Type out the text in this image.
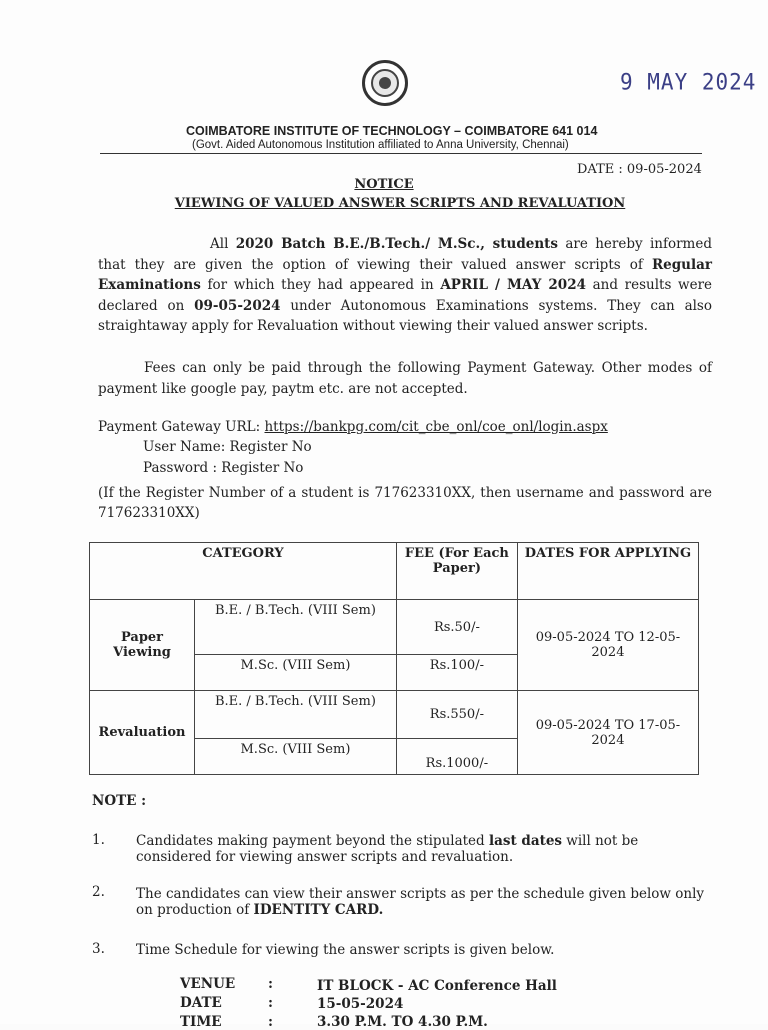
9 MAY 2024
COIMBATORE INSTITUTE OF TECHNOLOGY – COIMBATORE 641 014
(Govt. Aided Autonomous Institution affiliated to Anna University, Chennai)
DATE : 09-05-2024
NOTICE
VIEWING OF VALUED ANSWER SCRIPTS AND REVALUATION
All 2020 Batch B.E./B.Tech./ M.Sc., students are hereby informed that they are given the option of viewing their valued answer scripts of Regular Examinations for which they had appeared in APRIL / MAY 2024 and results were declared on 09-05-2024 under Autonomous Examinations systems. They can also straightaway apply for Revaluation without viewing their valued answer scripts.
Fees can only be paid through the following Payment Gateway. Other modes of payment like google pay, paytm etc. are not accepted.
Payment Gateway URL: https://bankpg.com/cit_cbe_onl/coe_onl/login.aspx
User Name: Register No
Password : Register No
(If the Register Number of a student is 717623310XX, then username and password are 717623310XX)
CATEGORY		FEE (For Each Paper)	DATES FOR APPLYING
Paper Viewing	B.E. / B.Tech. (VIII Sem)	Rs.50/-	09-05-2024 TO 12-05-2024
	M.Sc. (VIII Sem)	Rs.100/-	
Revaluation	B.E. / B.Tech. (VIII Sem)	Rs.550/-	09-05-2024 TO 17-05-2024
	M.Sc. (VIII Sem)	Rs.1000/-	
NOTE :
1. Candidates making payment beyond the stipulated last dates will not be considered for viewing answer scripts and revaluation.
2. The candidates can view their answer scripts as per the schedule given below only on production of IDENTITY CARD.
3. Time Schedule for viewing the answer scripts is given below.
VENUE :	IT BLOCK - AC Conference Hall
DATE	:	15-05-2024
TIME	:	3.30 P.M. TO 4.30 P.M.
